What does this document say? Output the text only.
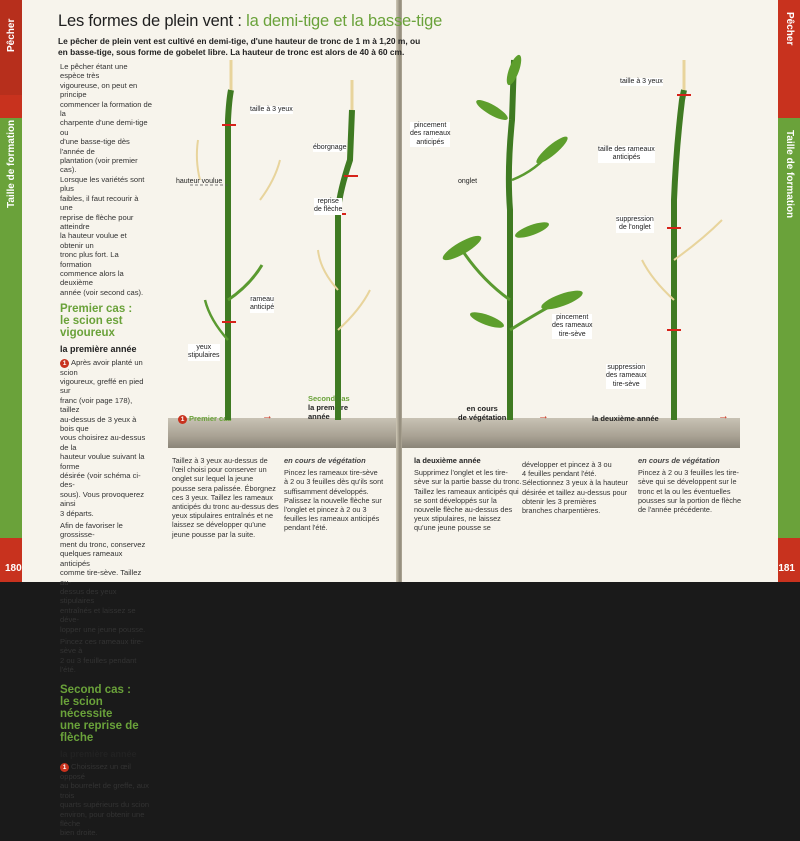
Pêcher
Taille de formation
180
Le pêcher étant une espèce très
vigoureuse, on peut en principe
commencer la formation de la
charpente d'une demi-tige ou
d'une basse-tige dès l'année de
plantation (voir premier cas).
Lorsque les variétés sont plus
faibles, il faut recourir à une
reprise de flèche pour atteindre
la hauteur voulue et obtenir un
tronc plus fort. La formation
commence alors la deuxième
année (voir second cas).
Premier cas :
le scion est vigoureux
la première année
1 Après avoir planté un scion
vigoureux, greffé en pied sur
franc (voir page 178), taillez
au-dessus de 3 yeux à bois que
vous choisirez au-dessus de la
hauteur voulue suivant la forme
désirée (voir schéma ci-des-
sous). Vous provoquerez ainsi
3 départs.
Afin de favoriser le grossisse-
ment du tronc, conservez
quelques rameaux anticipés
comme tire-sève. Taillez au-
dessus des yeux stipulaires
entraînés et laissez se déve-
lopper une jeune pousse.
Pincez ces rameaux tire-sève à
2 ou 3 feuilles pendant l'été.
Second cas :
le scion nécessite
une reprise de flèche
la première année
1 Choisissez un œil opposé
au bourrelet de greffe, aux trois
quarts supérieurs du scion
environ, pour obtenir une flèche
bien droite.
1 Premier cas	→
Second cas
la première
année
taille à 3 yeux
hauteur voulue
rameau
anticipé
yeux
stipulaires
éborgnage
reprise
de flèche
Taillez à 3 yeux au-dessus de
l'œil choisi pour conserver un
onglet sur lequel la jeune
pousse sera palissée. Éborgnez
ces 3 yeux. Taillez les rameaux
anticipés du tronc au-dessus des
yeux stipulaires entraînés et ne
laissez se développer qu'une
jeune pousse par la suite.
en cours de végétation
Pincez les rameaux tire-sève
à 2 ou 3 feuilles dès qu'ils sont
suffisamment développés.
Palissez la nouvelle flèche sur
l'onglet et pincez à 2 ou 3
feuilles les rameaux anticipés
pendant l'été.
Pêcher
Taille de formation
181
en cours
de végétation	→	la deuxième année	→
pincement
des rameaux
anticipés
onglet
pincement
des rameaux
tire-sève
taille à 3 yeux
taille des rameaux
anticipés
suppression
de l'onglet
suppression
des rameaux
tire-sève
la deuxième année
Supprimez l'onglet et les tire-
sève sur la partie basse du tronc.
Taillez les rameaux anticipés qui
se sont développés sur la
nouvelle flèche au-dessus des
yeux stipulaires, ne laissez
qu'une jeune pousse se
développer et pincez à 3 ou
4 feuilles pendant l'été.
Sélectionnez 3 yeux à la hauteur
désirée et taillez au-dessus pour
obtenir les 3 premières
branches charpentières.
en cours de végétation
Pincez à 2 ou 3 feuilles les tire-
sève qui se développent sur le
tronc et la ou les éventuelles
pousses sur la portion de flèche
de l'année précédente.
Les formes de plein vent : la demi-tige et la basse-tige
Le pêcher de plein vent est cultivé en demi-tige, d'une hauteur de tronc de 1 m à 1,20 m, ou
en basse-tige, sous forme de gobelet libre. La hauteur de tronc est alors de 40 à 60 cm.
